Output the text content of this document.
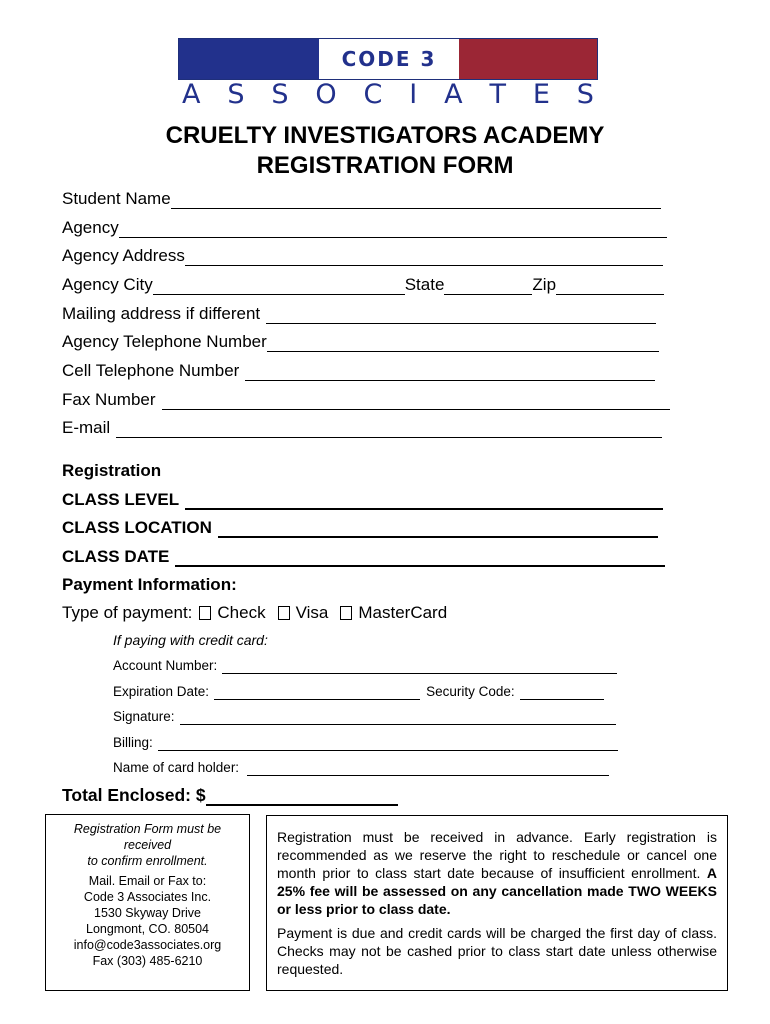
CODE 3
A S S O C I A T E S
CRUELTY INVESTIGATORS ACADEMY
REGISTRATION FORM
Student Name
Agency
Agency Address
Agency City	State	Zip
Mailing address if different
Agency Telephone Number
Cell Telephone Number
Fax Number
E-mail
Registration
CLASS LEVEL
CLASS LOCATION
CLASS DATE
Payment Information:
Type of payment: Check Visa MasterCard
If paying with credit card:
Account Number:
Expiration Date:	Security Code:
Signature:
Billing:
Name of card holder:
Total Enclosed: $

Registration Form must be

received

to confirm enrollment.

Mail. Email or Fax to:

Code 3 Associates Inc.

1530 Skyway Drive

Longmont, CO. 80504

info@code3associates.org

Fax (303) 485-6210

Registration must be received in advance. Early registration is recommended as we reserve the right to reschedule or cancel one month prior to class start date because of insufficient enrollment. A 25% fee will be assessed on any cancellation made TWO WEEKS or less prior to class date.

Payment is due and credit cards will be charged the first day of class. Checks may not be cashed prior to class start date unless otherwise requested.
